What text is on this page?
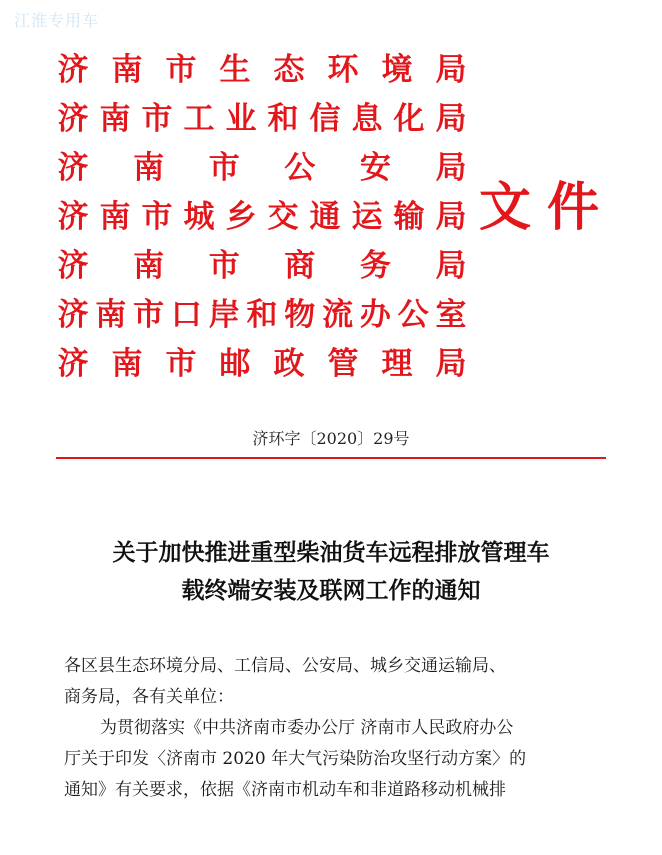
江淮专用车
济 南 市 生 态 环 境 局
济 南 市 工 业 和 信 息 化 局
济 南 市 公 安 局
济 南 市 城 乡 交 通 运 输 局
济 南 市 商 务 局
济 南 市 口 岸 和 物 流 办 公 室
济 南 市 邮 政 管 理 局
文 件
济环字〔2020〕29号
关于加快推进重型柴油货车远程排放管理车
载终端安装及联网工作的通知
各区县生态环境分局、工信局、公安局、城乡交通运输局、
商务局，各有关单位：
为贯彻落实《中共济南市委办公厅 济南市人民政府办公
厅关于印发〈济南市 2020 年大气污染防治攻坚行动方案〉的
通知》有关要求，依据《济南市机动车和非道路移动机械排
